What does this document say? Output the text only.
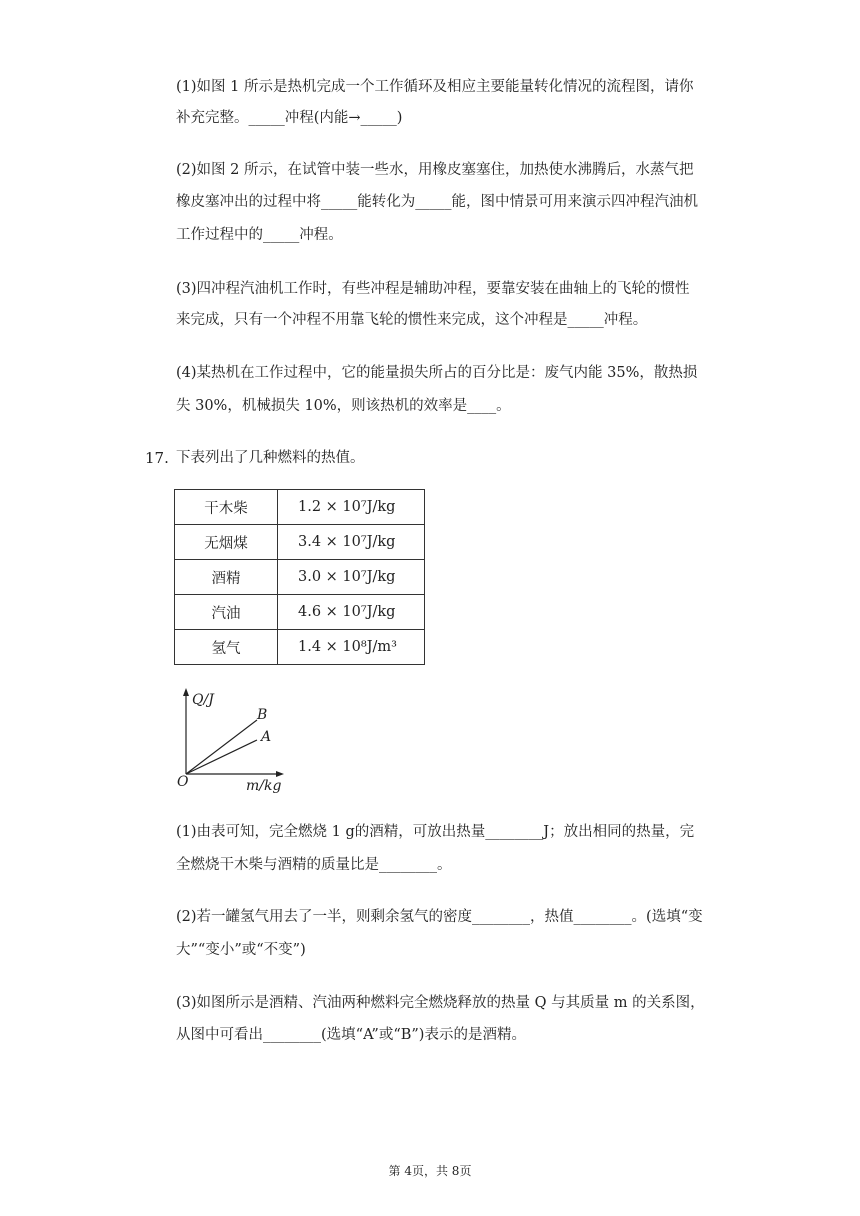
(1)如图 1 所示是热机完成一个工作循环及相应主要能量转化情况的流程图，请你

补充完整。_____冲程(内能→_____)

(2)如图 2 所示，在试管中装一些水，用橡皮塞塞住，加热使水沸腾后，水蒸气把

橡皮塞冲出的过程中将_____能转化为_____能，图中情景可用来演示四冲程汽油机

工作过程中的_____冲程。

(3)四冲程汽油机工作时，有些冲程是辅助冲程，要靠安装在曲轴上的飞轮的惯性

来完成，只有一个冲程不用靠飞轮的惯性来完成，这个冲程是_____冲程。

(4)某热机在工作过程中，它的能量损失所占的百分比是：废气内能 35%，散热损

失 30%，机械损失 10%，则该热机的效率是____。

17. 下表列出了几种燃料的热值。
干木柴	1.2 × 10⁷J/kg
无烟煤	3.4 × 10⁷J/kg
酒精	3.0 × 10⁷J/kg
汽油	4.6 × 10⁷J/kg
氢气	1.4 × 10⁸J/m³
Q/J
B
A
O	m/kg

(1)由表可知，完全燃烧 1 g的酒精，可放出热量________J；放出相同的热量，完

全燃烧干木柴与酒精的质量比是________。

(2)若一罐氢气用去了一半，则剩余氢气的密度________，热值________。(选填“变

大”“变小”或“不变”)

(3)如图所示是酒精、汽油两种燃料完全燃烧释放的热量 Q 与其质量 m 的关系图，

从图中可看出________(选填“A”或“B”)表示的是酒精。

第 4页，共 8页
